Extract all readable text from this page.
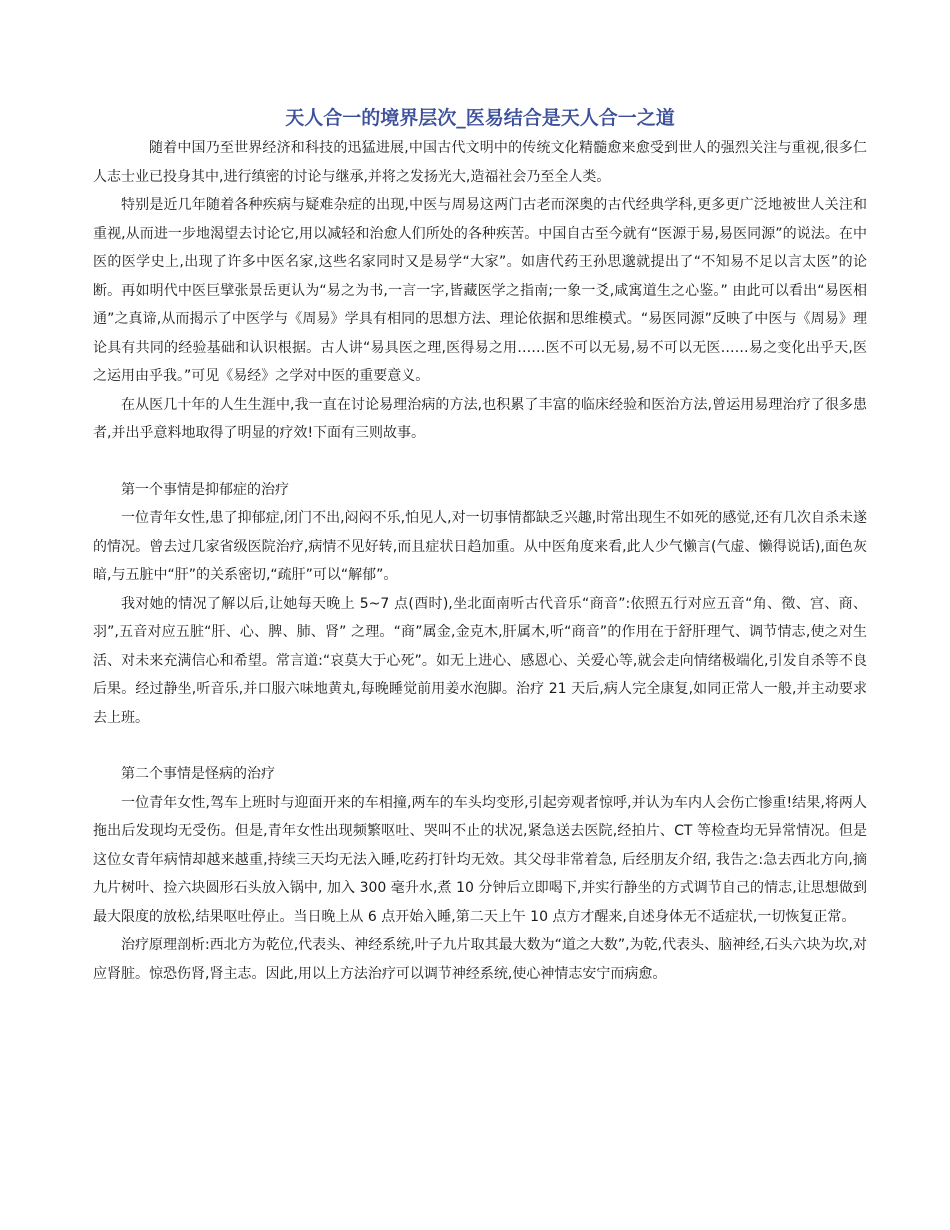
天人合一的境界层次_医易结合是天人合一之道

随着中国乃至世界经济和科技的迅猛进展,中国古代文明中的传统文化精髓愈来愈受到世人的强烈关注与重视,很多仁人志士业已投身其中,进行缜密的讨论与继承,并将之发扬光大,造福社会乃至全人类。

特别是近几年随着各种疾病与疑难杂症的出现,中医与周易这两门古老而深奥的古代经典学科,更多更广泛地被世人关注和重视,从而进一步地渴望去讨论它,用以减轻和治愈人们所处的各种疾苦。中国自古至今就有“医源于易,易医同源”的说法。在中医的医学史上,出现了许多中医名家,这些名家同时又是易学“大家”。如唐代药王孙思邈就提出了“不知易不足以言太医”的论断。再如明代中医巨擘张景岳更认为“易之为书,一言一字,皆藏医学之指南;一象一爻,咸寓道生之心鉴。” 由此可以看出“易医相通”之真谛,从而揭示了中医学与《周易》学具有相同的思想方法、理论依据和思维模式。“易医同源”反映了中医与《周易》理论具有共同的经验基础和认识根据。古人讲“易具医之理,医得易之用……医不可以无易,易不可以无医……易之变化出乎天,医之运用由乎我。”可见《易经》之学对中医的重要意义。

在从医几十年的人生生涯中,我一直在讨论易理治病的方法,也积累了丰富的临床经验和医治方法,曾运用易理治疗了很多患者,并出乎意料地取得了明显的疗效!下面有三则故事。

第一个事情是抑郁症的治疗

一位青年女性,患了抑郁症,闭门不出,闷闷不乐,怕见人,对一切事情都缺乏兴趣,时常出现生不如死的感觉,还有几次自杀未遂的情况。曾去过几家省级医院治疗,病情不见好转,而且症状日趋加重。从中医角度来看,此人少气懒言(气虚、懒得说话),面色灰暗,与五脏中“肝”的关系密切,“疏肝”可以“解郁”。

我对她的情况了解以后,让她每天晚上 5~7 点(酉时),坐北面南听古代音乐“商音”:依照五行对应五音“角、徵、宫、商、羽”,五音对应五脏“肝、心、脾、肺、肾” 之理。“商”属金,金克木,肝属木,听“商音”的作用在于舒肝理气、调节情志,使之对生活、对未来充满信心和希望。常言道:“哀莫大于心死”。如无上进心、感恩心、关爱心等,就会走向情绪极端化,引发自杀等不良后果。经过静坐,听音乐,并口服六味地黄丸,每晚睡觉前用姜水泡脚。治疗 21 天后,病人完全康复,如同正常人一般,并主动要求去上班。

第二个事情是怪病的治疗

一位青年女性,驾车上班时与迎面开来的车相撞,两车的车头均变形,引起旁观者惊呼,并认为车内人会伤亡惨重!结果,将两人拖出后发现均无受伤。但是,青年女性出现频繁呕吐、哭叫不止的状况,紧急送去医院,经拍片、CT 等检查均无异常情况。但是这位女青年病情却越来越重,持续三天均无法入睡,吃药打针均无效。其父母非常着急, 后经朋友介绍, 我告之:急去西北方向,摘九片树叶、捡六块圆形石头放入锅中, 加入 300 毫升水,煮 10 分钟后立即喝下,并实行静坐的方式调节自己的情志,让思想做到最大限度的放松,结果呕吐停止。当日晚上从 6 点开始入睡,第二天上午 10 点方才醒来,自述身体无不适症状,一切恢复正常。

治疗原理剖析:西北方为乾位,代表头、神经系统,叶子九片取其最大数为“道之大数”,为乾,代表头、脑神经,石头六块为坎,对应肾脏。惊恐伤肾,肾主志。因此,用以上方法治疗可以调节神经系统,使心神情志安宁而病愈。
